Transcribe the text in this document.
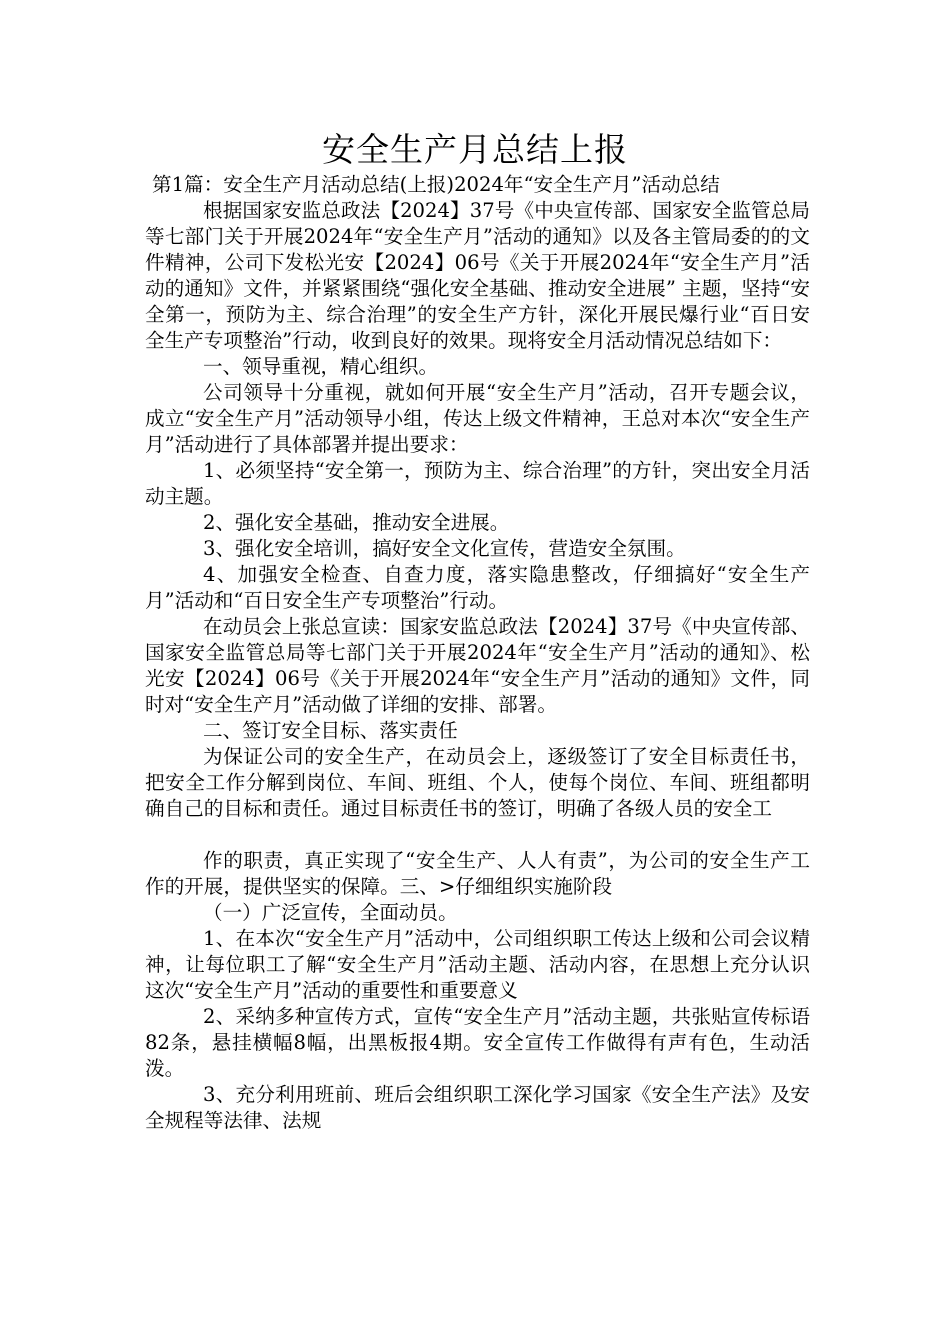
安全生产月总结上报

第1篇：安全生产月活动总结(上报)2024年“安全生产月”活动总结

根据国家安监总政法【2024】37号《中央宣传部、国家安全监管总局等七部门关于开展2024年“安全生产月”活动的通知》以及各主管局委的的文件精神，公司下发松光安【2024】06号《关于开展2024年“安全生产月”活动的通知》文件，并紧紧围绕“强化安全基础、推动安全进展” 主题，坚持“安全第一，预防为主、综合治理”的安全生产方针，深化开展民爆行业“百日安全生产专项整治”行动，收到良好的效果。现将安全月活动情况总结如下：

一、领导重视，精心组织。

公司领导十分重视，就如何开展“安全生产月”活动，召开专题会议，成立“安全生产月”活动领导小组，传达上级文件精神，王总对本次“安全生产月”活动进行了具体部署并提出要求：

1、必须坚持“安全第一，预防为主、综合治理”的方针，突出安全月活动主题。

2、强化安全基础，推动安全进展。

3、强化安全培训，搞好安全文化宣传，营造安全氛围。

4、加强安全检查、自查力度，落实隐患整改，仔细搞好“安全生产月”活动和“百日安全生产专项整治”行动。

在动员会上张总宣读：国家安监总政法【2024】37号《中央宣传部、国家安全监管总局等七部门关于开展2024年“安全生产月”活动的通知》、松光安【2024】06号《关于开展2024年“安全生产月”活动的通知》文件，同时对“安全生产月”活动做了详细的安排、部署。

二、签订安全目标、落实责任

为保证公司的安全生产，在动员会上，逐级签订了安全目标责任书，把安全工作分解到岗位、车间、班组、个人，使每个岗位、车间、班组都明确自己的目标和责任。通过目标责任书的签订，明确了各级人员的安全工

作的职责，真正实现了“安全生产、人人有责”，为公司的安全生产工作的开展，提供坚实的保障。三、>仔细组织实施阶段

（一）广泛宣传，全面动员。

1、在本次“安全生产月”活动中，公司组织职工传达上级和公司会议精神，让每位职工了解“安全生产月”活动主题、活动内容，在思想上充分认识这次“安全生产月”活动的重要性和重要意义

2、采纳多种宣传方式，宣传“安全生产月”活动主题，共张贴宣传标语82条，悬挂横幅8幅，出黑板报4期。安全宣传工作做得有声有色，生动活泼。

3、充分利用班前、班后会组织职工深化学习国家《安全生产法》及安全规程等法律、法规
